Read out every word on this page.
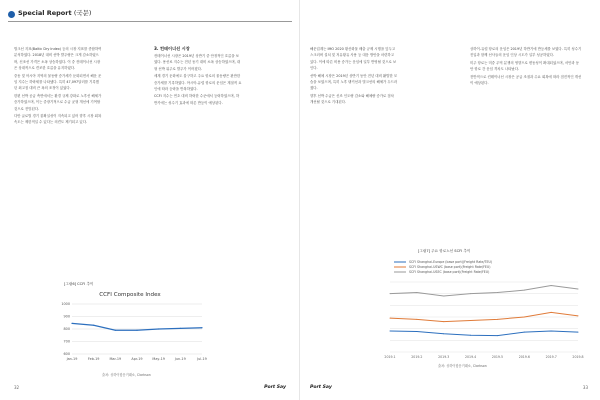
Special Report (국문)

벌크선 지표(Baltic Dry Index) 등의 시장 지표를 종합하여 분석하였다. 2018년 대비 선박 발주량은 크게 감소하였으며, 신조선 가격은 소폭 상승하였다. 이 중 컨테이너선 시장은 상대적으로 견조한 흐름을 유지하였다.

중동 및 아시아 지역의 물동량 증가세가 둔화되면서 해운 운임 지수는 하락세를 나타냈다. 특히 47,097달러를 기록했던 최고점 대비 큰 폭의 조정이 있었다.

한편 선박 공급 측면에서는 환경 규제 강화로 노후선 해체가 증가하였으며, 이는 중장기적으로 수급 균형 개선에 기여할 것으로 전망된다.

다만 글로벌 경기 불확실성이 지속되고 있어 향후 시장 회복 속도는 제한적일 수 있다는 의견도 제기되고 있다.

3. 컨테이너선 시장

컨테이너선 시장은 2019년 상반기 중 안정적인 흐름을 보였다. 용선료 지수는 전년 동기 대비 소폭 상승하였으며, 대형 선박 위주로 발주가 이어졌다.

세계 경기 둔화에도 불구하고 주요 항로의 물동량은 완만한 증가세를 기록하였다. 아시아-유럽 항로의 운임은 계절적 요인에 따라 등락을 반복하였다.

CCFI 지수는 연초 대비 하락한 수준에서 등락하였으며, 하반기에는 성수기 효과에 따른 반등이 예상된다.

[그림6] CCFI 추이
CCFI Composite Index
1000
900
800
700
600
Jan-19	Feb-19	Mar-19	Apr-19	May-19	Jun-19	Jul-19
출처: 상하이항운거래소, Clarkson
32	Port Say

해운업계는 IMO 2020 황산화물 배출 규제 시행을 앞두고 스크러버 설치 및 저유황유 사용 등 대응 방안을 마련하고 있다. 이에 따른 비용 증가는 운임에 일부 반영될 것으로 보인다.

선박 해체 시장은 2019년 상반기 동안 전년 대비 활발한 모습을 보였으며, 특히 노후 탱커선과 벌크선의 해체가 두드러졌다.

향후 선박 수급은 신조 인도량 감소와 해체량 증가로 점차 개선될 것으로 기대된다.

상하이-유럽 항로의 운임은 2019년 하반기에 반등세를 보였다. 특히 성수기 진입과 함께 선사들의 운임 인상 시도가 일부 성공하였다.

미주 항로는 미중 무역 분쟁의 영향으로 변동성이 확대되었으며, 서안과 동안 항로 간 운임 격차도 나타났다.

전반적으로 컨테이너선 시장은 공급 조절과 수요 회복에 따라 점진적인 개선이 예상된다.

[그림7] 주요 항로노선 SCFI 추이
SCFI Shanghai-Europe (base port)(Freight Rate/TEU)
SCFI Shanghai-USWC (base port)(Freight Rate/FEU)
SCFI Shanghai-USEC (base port)(Freight Rate/FEU)
2019.1	2019.2	2019.3	2019.4	2019.5	2019.6	2019.7	2019.8
출처: 상하이항운거래소, Clarkson
Port Say	33
